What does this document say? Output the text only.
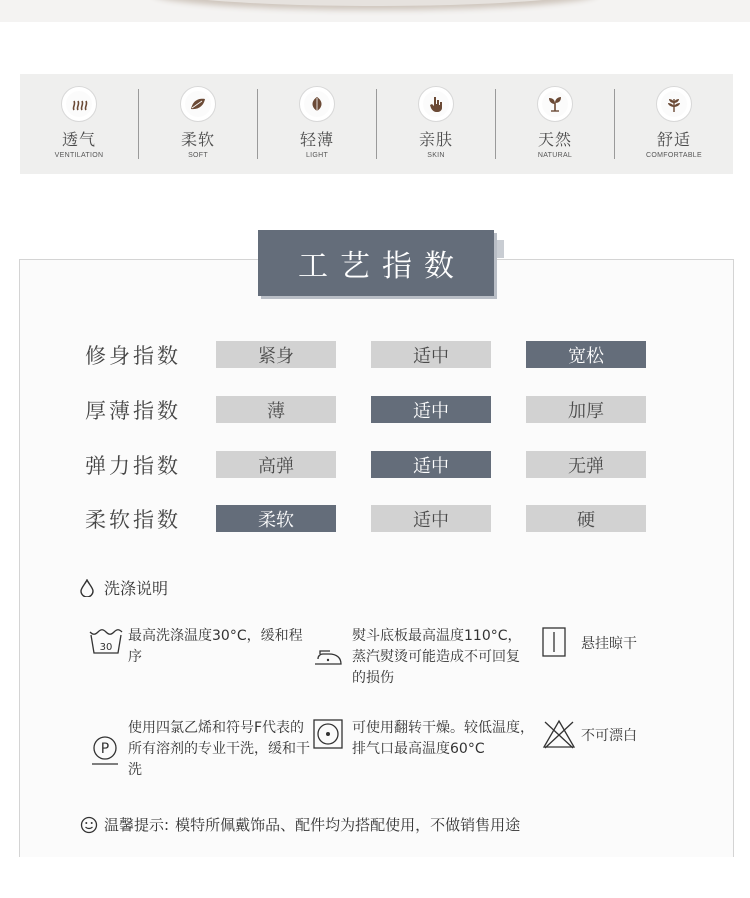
透气
VENTILATION
柔软
SOFT
轻薄
LIGHT
亲肤
SKIN
天然
NATURAL
舒适
COMFORTABLE
工艺指数
修身指数	紧身	适中	宽松
厚薄指数	薄	适中	加厚
弹力指数	高弹	适中	无弹
柔软指数	柔软	适中	硬
洗涤说明
30
最高洗涤温度30°C，缓和程序
熨斗底板最高温度110°C，蒸汽熨烫可能造成不可回复的损伤
悬挂晾干
P
使用四氯乙烯和符号F代表的所有溶剂的专业干洗，缓和干洗
可使用翻转干燥。较低温度，排气口最高温度60°C
不可漂白
温馨提示: 模特所佩戴饰品、配件均为搭配使用，不做销售用途
